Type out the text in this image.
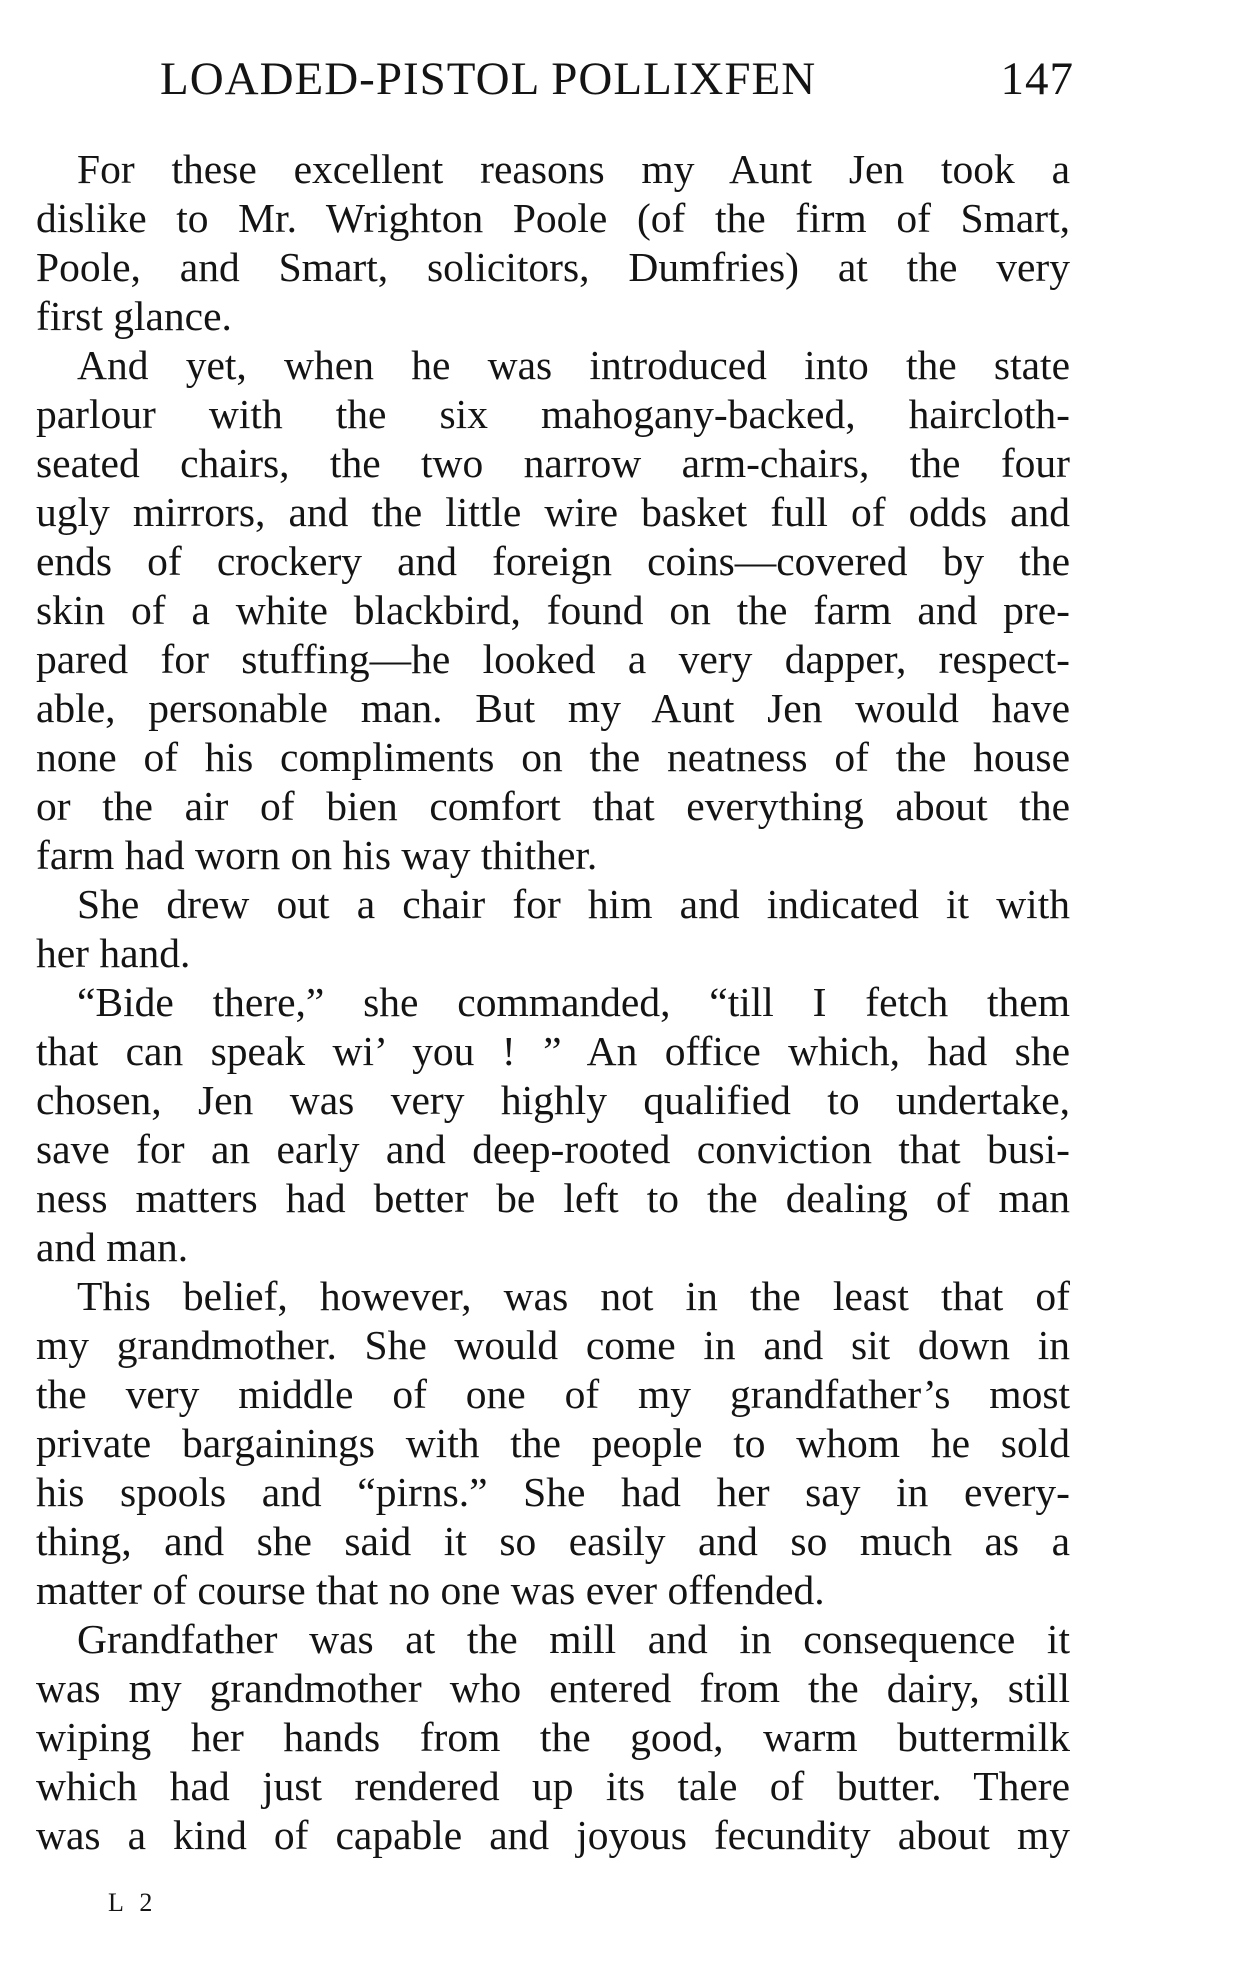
LOADED-PISTOL POLLIXFEN	147
For these excellent reasons my Aunt Jen took a
dislike to Mr. Wrighton Poole (of the firm of Smart,
Poole, and Smart, solicitors, Dumfries) at the very
first glance.
And yet, when he was introduced into the state
parlour with the six mahogany-backed, haircloth-
seated chairs, the two narrow arm-chairs, the four
ugly mirrors, and the little wire basket full of odds and
ends of crockery and foreign coins—covered by the
skin of a white blackbird, found on the farm and pre-
pared for stuffing—he looked a very dapper, respect-
able, personable man. But my Aunt Jen would have
none of his compliments on the neatness of the house
or the air of bien comfort that everything about the
farm had worn on his way thither.
She drew out a chair for him and indicated it with
her hand.
“Bide there,” she commanded, “till I fetch them
that can speak wi’ you ! ” An office which, had she
chosen, Jen was very highly qualified to undertake,
save for an early and deep-rooted conviction that busi-
ness matters had better be left to the dealing of man
and man.
This belief, however, was not in the least that of
my grandmother. She would come in and sit down in
the very middle of one of my grandfather’s most
private bargainings with the people to whom he sold
his spools and “pirns.” She had her say in every-
thing, and she said it so easily and so much as a
matter of course that no one was ever offended.
Grandfather was at the mill and in consequence it
was my grandmother who entered from the dairy, still
wiping her hands from the good, warm buttermilk
which had just rendered up its tale of butter. There
was a kind of capable and joyous fecundity about my
L 2
